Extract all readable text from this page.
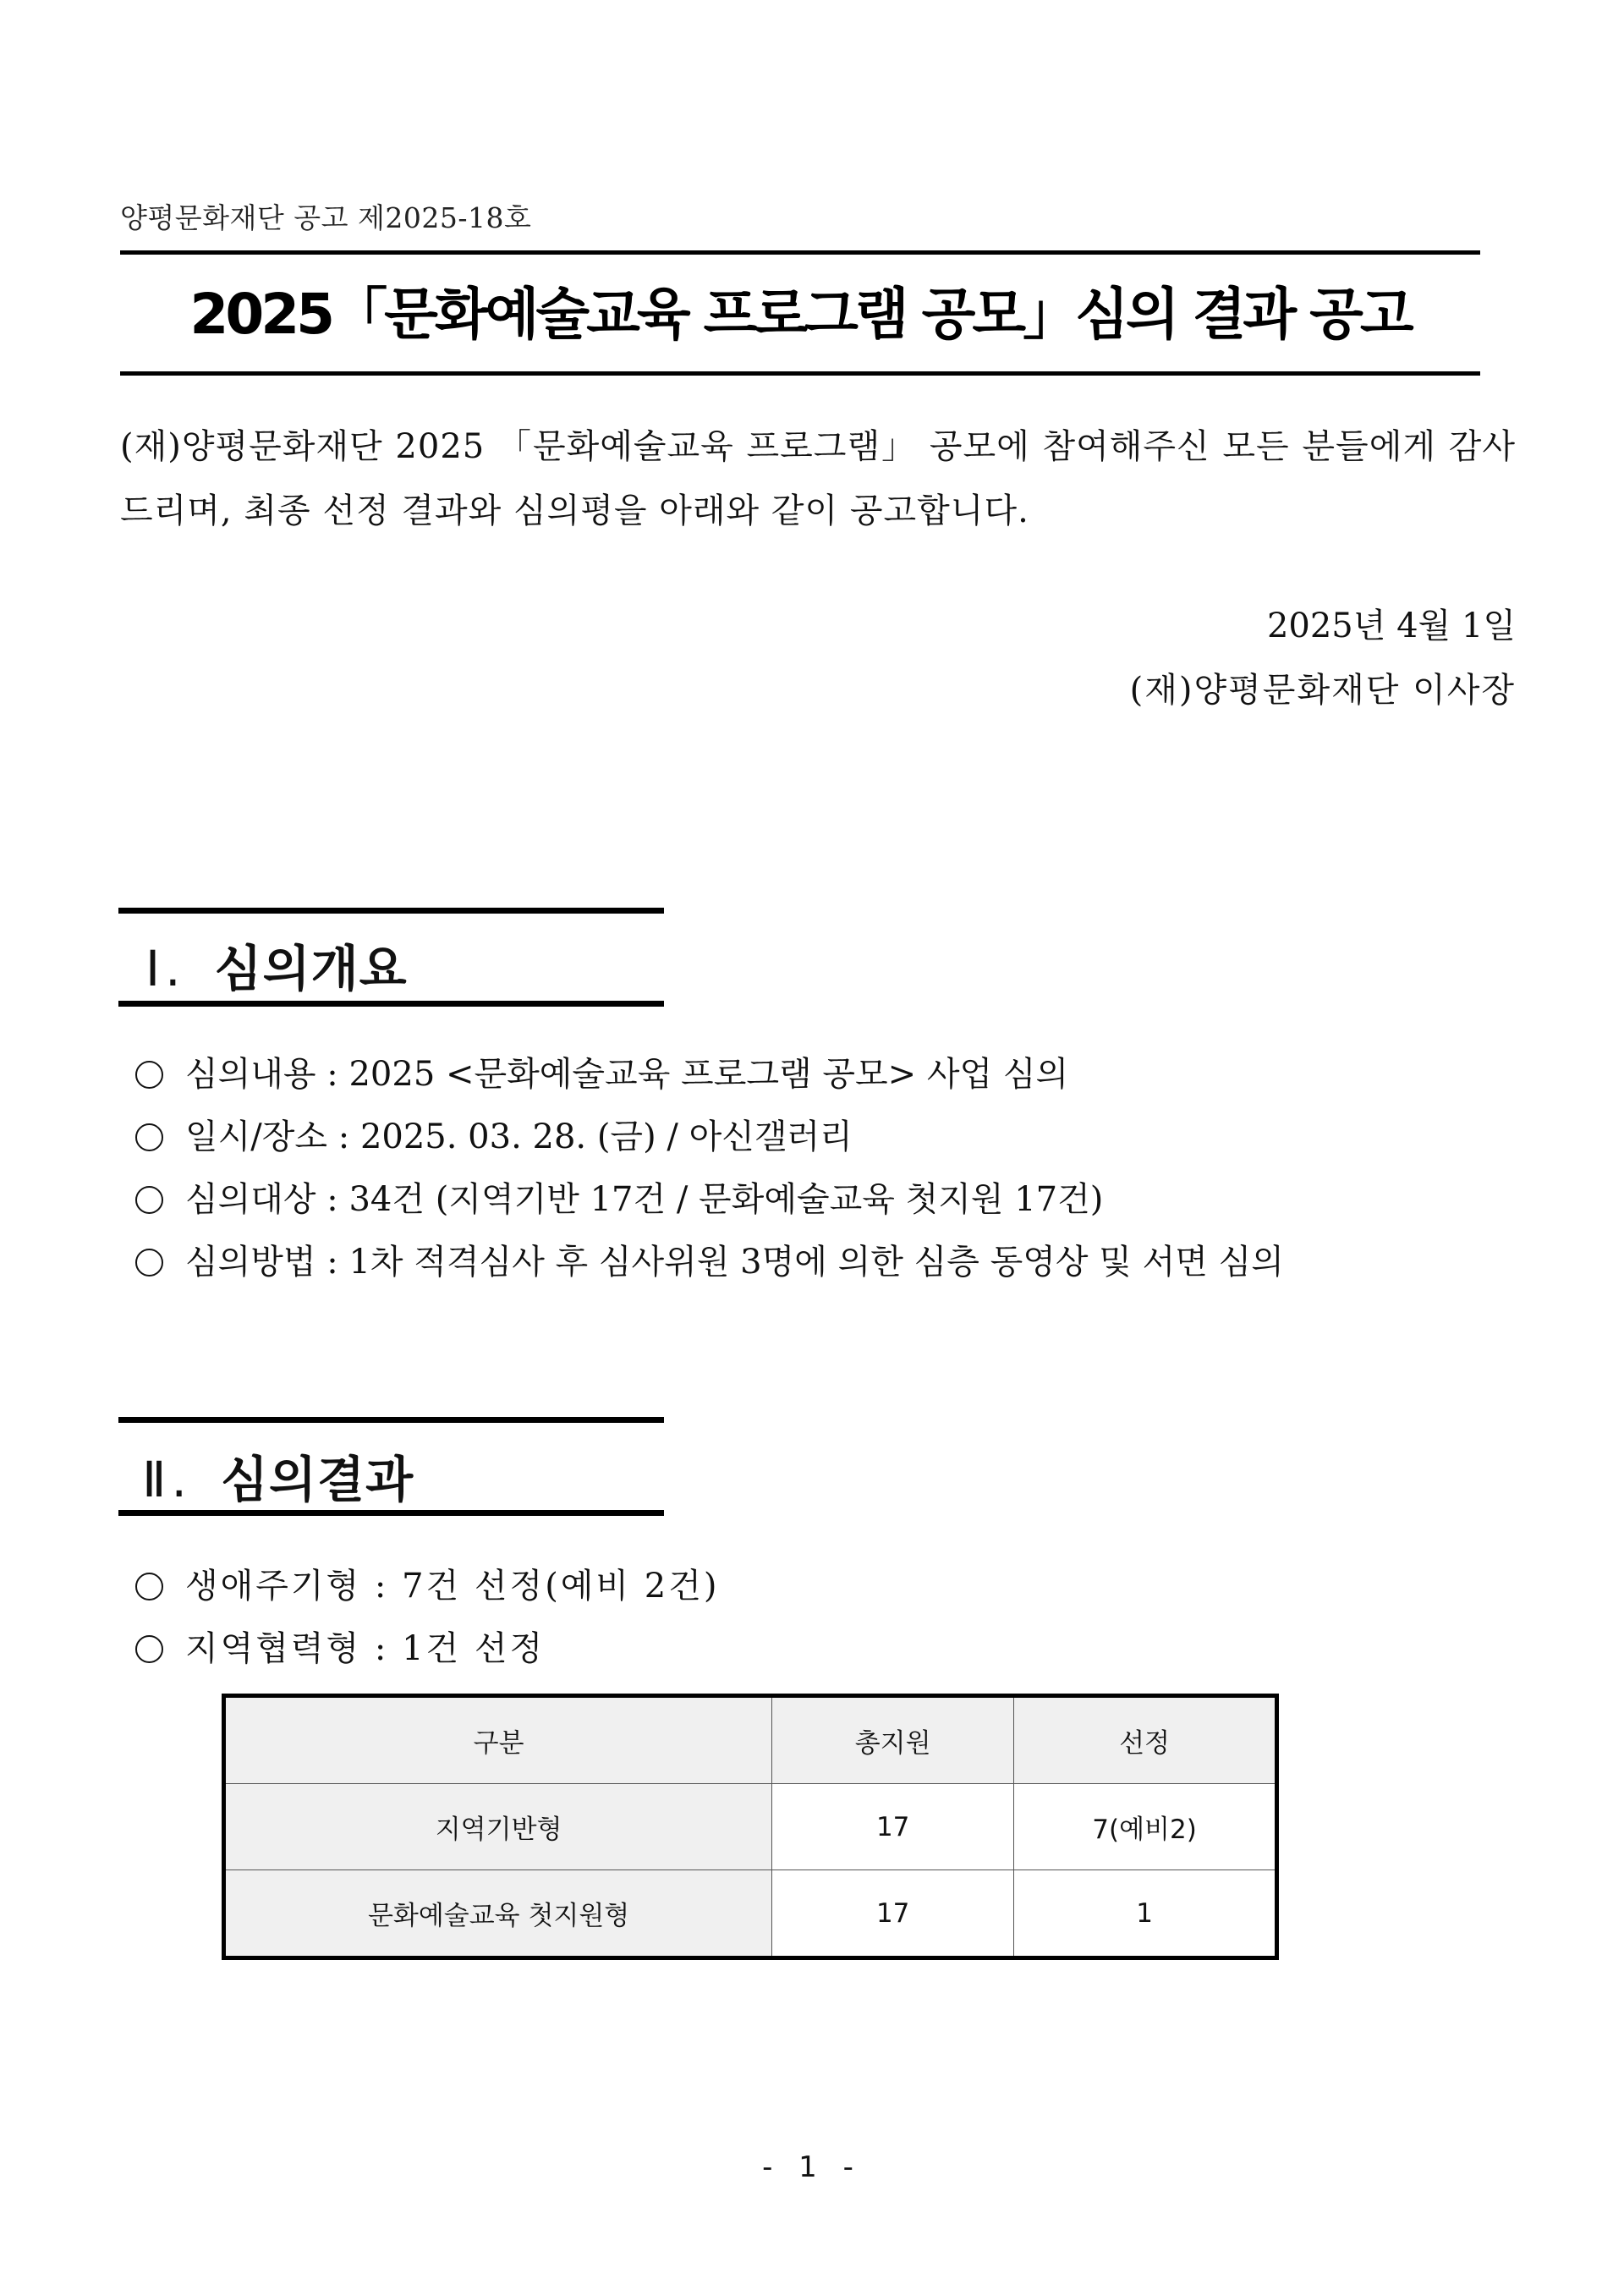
양평문화재단 공고 제2025-18호
2025「문화예술교육 프로그램 공모」심의 결과 공고
(재)양평문화재단 2025 「문화예술교육 프로그램」 공모에 참여해주신 모든 분들에게 감사드리며, 최종 선정 결과와 심의평을 아래와 같이 공고합니다.
2025년 4월 1일
(재)양평문화재단 이사장
Ⅰ. 심의개요
심의내용 : 2025 <문화예술교육 프로그램 공모> 사업 심의
일시/장소 : 2025. 03. 28. (금) / 아신갤러리
심의대상 : 34건 (지역기반 17건 / 문화예술교육 첫지원 17건)
심의방법 : 1차 적격심사 후 심사위원 3명에 의한 심층 동영상 및 서면 심의
Ⅱ. 심의결과
생애주기형 : 7건 선정(예비 2건)
지역협력형 : 1건 선정
구분	총지원	선정
지역기반형	17	7(예비2)
문화예술교육 첫지원형	17	1
- 1 -
